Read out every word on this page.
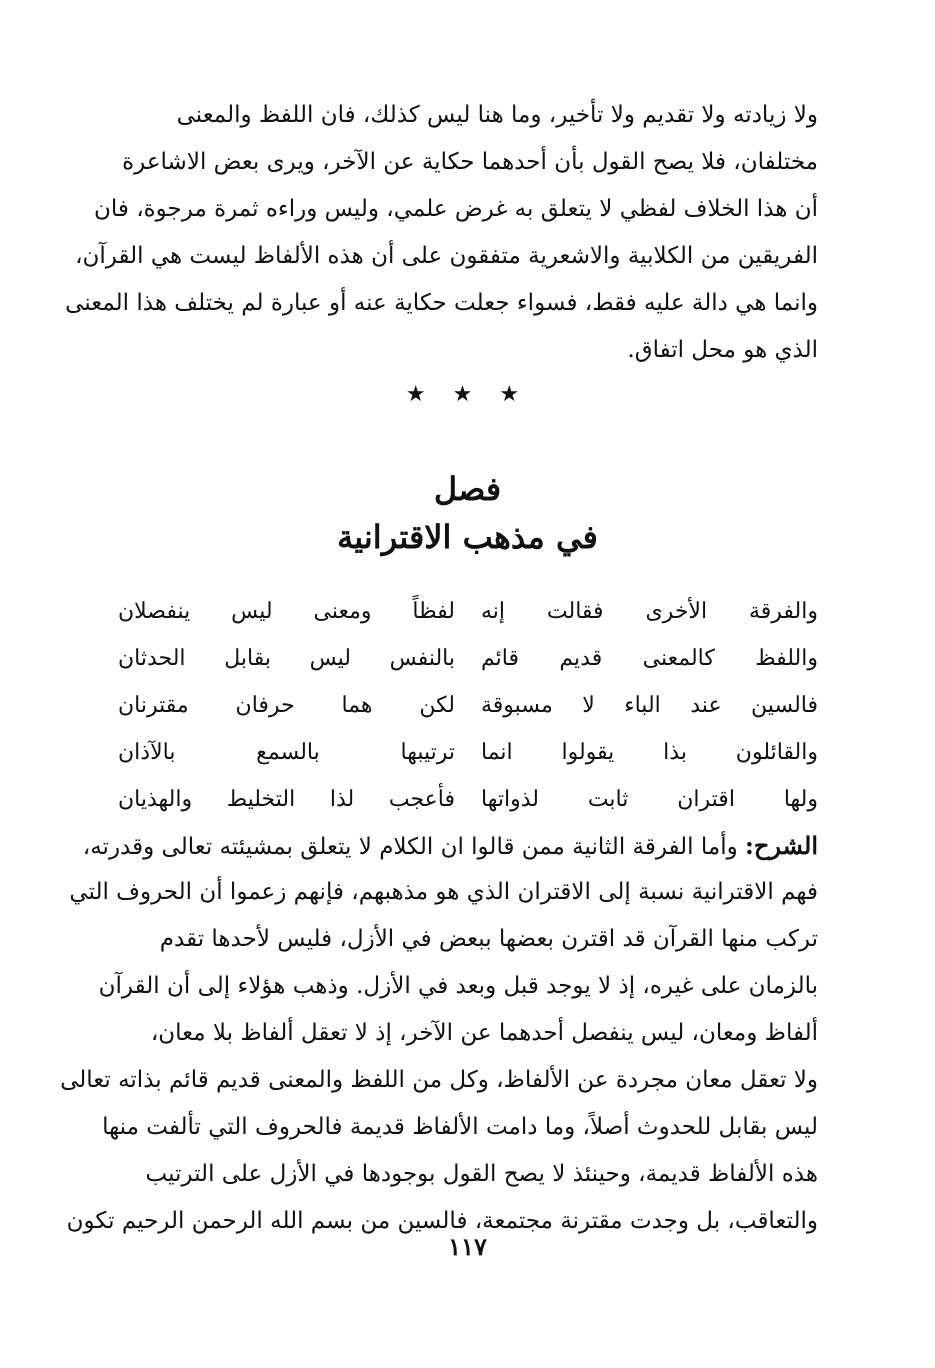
ولا زيادته ولا تقديم ولا تأخير، وما هنا ليس كذلك، فان اللفظ والمعنى
مختلفان، فلا يصح القول بأن أحدهما حكاية عن الآخر، ويرى بعض الاشاعرة
أن هذا الخلاف لفظي لا يتعلق به غرض علمي، وليس وراءه ثمرة مرجوة، فان
الفريقين من الكلابية والاشعرية متفقون على أن هذه الألفاظ ليست هي القرآن،
وانما هي دالة عليه فقط، فسواء جعلت حكاية عنه أو عبارة لم يختلف هذا المعنى
الذي هو محل اتفاق.
★ ★ ★
فصل
في مذهب الاقترانية
والفرقة الأخرى فقالت إنه
لفظاً ومعنى ليس ينفصلان
واللفظ كالمعنى قديم قائم
بالنفس ليس بقابل الحدثان
فالسين عند الباء لا مسبوقة
لكن هما حرفان مقترنان
والقائلون بذا يقولوا انما
ترتيبها بالسمع بالآذان
ولها اقتران ثابت لذواتها
فأعجب لذا التخليط والهذيان
الشرح: وأما الفرقة الثانية ممن قالوا ان الكلام لا يتعلق بمشيئته تعالى وقدرته،
فهم الاقترانية نسبة إلى الاقتران الذي هو مذهبهم، فإنهم زعموا أن الحروف التي
تركب منها القرآن قد اقترن بعضها ببعض في الأزل، فليس لأحدها تقدم
بالزمان على غيره، إذ لا يوجد قبل وبعد في الأزل. وذهب هؤلاء إلى أن القرآن
ألفاظ ومعان، ليس ينفصل أحدهما عن الآخر، إذ لا تعقل ألفاظ بلا معان،
ولا تعقل معان مجردة عن الألفاظ، وكل من اللفظ والمعنى قديم قائم بذاته تعالى
ليس بقابل للحدوث أصلاً، وما دامت الألفاظ قديمة فالحروف التي تألفت منها
هذه الألفاظ قديمة، وحينئذ لا يصح القول بوجودها في الأزل على الترتيب
والتعاقب، بل وجدت مقترنة مجتمعة، فالسين من بسم الله الرحمن الرحيم تكون
١١٧
